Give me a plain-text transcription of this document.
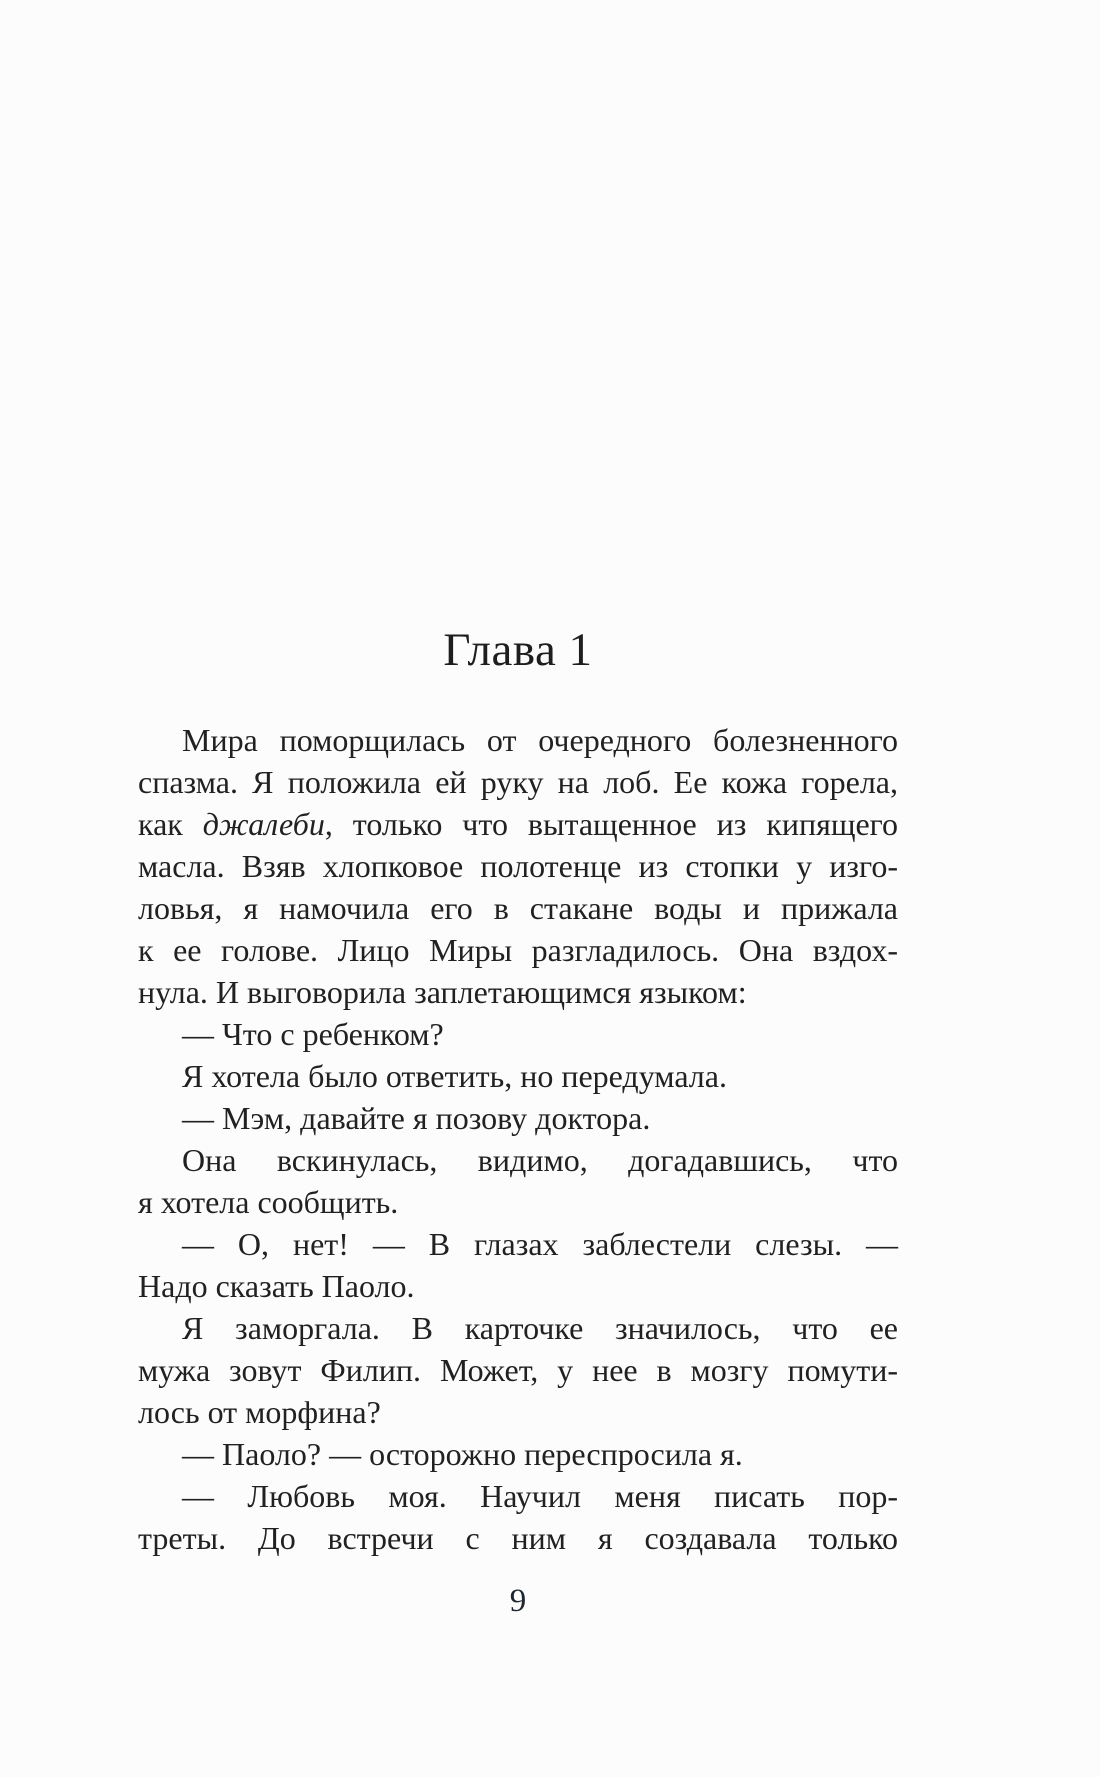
Глава 1
Мира поморщилась от очередного болезненного
спазма. Я положила ей руку на лоб. Ее кожа горела,
как джалеби, только что вытащенное из кипящего
масла. Взяв хлопковое полотенце из стопки у изго-
ловья, я намочила его в стакане воды и прижала
к ее голове. Лицо Миры разгладилось. Она вздох-
нула. И выговорила заплетающимся языком:
— Что с ребенком?
Я хотела было ответить, но передумала.
— Мэм, давайте я позову доктора.
Она вскинулась, видимо, догадавшись, что
я хотела сообщить.
— О, нет! — В глазах заблестели слезы. —
Надо сказать Паоло.
Я заморгала. В карточке значилось, что ее
мужа зовут Филип. Может, у нее в мозгу помути-
лось от морфина?
— Паоло? — осторожно переспросила я.
— Любовь моя. Научил меня писать пор-
треты. До встречи с ним я создавала только
9
